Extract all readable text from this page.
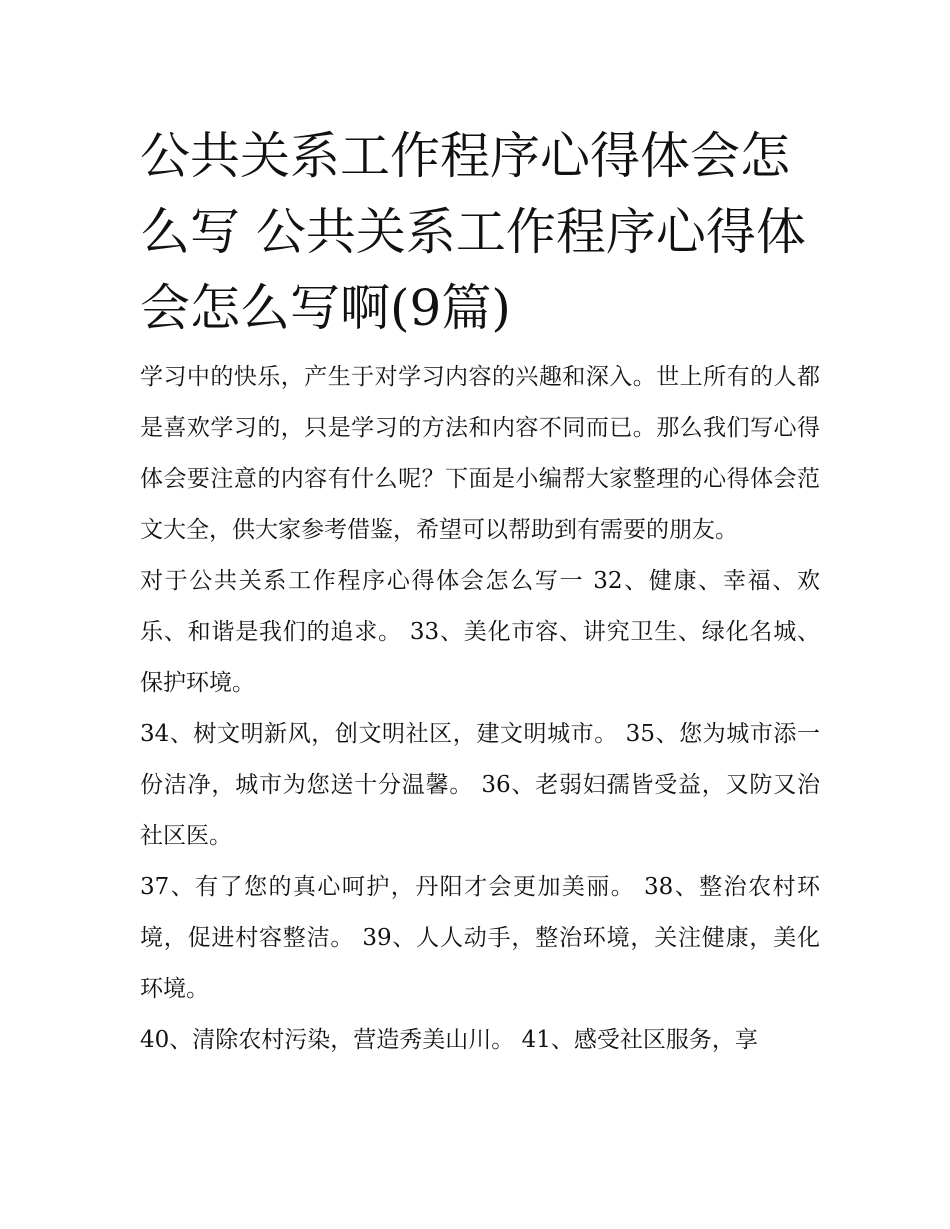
公共关系工作程序心得体会怎么写 公共关系工作程序心得体会怎么写啊(9篇)

学习中的快乐，产生于对学习内容的兴趣和深入。世上所有的人都是喜欢学习的，只是学习的方法和内容不同而已。那么我们写心得体会要注意的内容有什么呢？下面是小编帮大家整理的心得体会范文大全，供大家参考借鉴，希望可以帮助到有需要的朋友。

对于公共关系工作程序心得体会怎么写一 32、健康、幸福、欢乐、和谐是我们的追求。 33、美化市容、讲究卫生、绿化名城、保护环境。

34、树文明新风，创文明社区，建文明城市。 35、您为城市添一份洁净，城市为您送十分温馨。 36、老弱妇孺皆受益，又防又治社区医。

37、有了您的真心呵护，丹阳才会更加美丽。 38、整治农村环境，促进村容整洁。 39、人人动手，整治环境，关注健康，美化环境。

40、清除农村污染，营造秀美山川。 41、感受社区服务，享
